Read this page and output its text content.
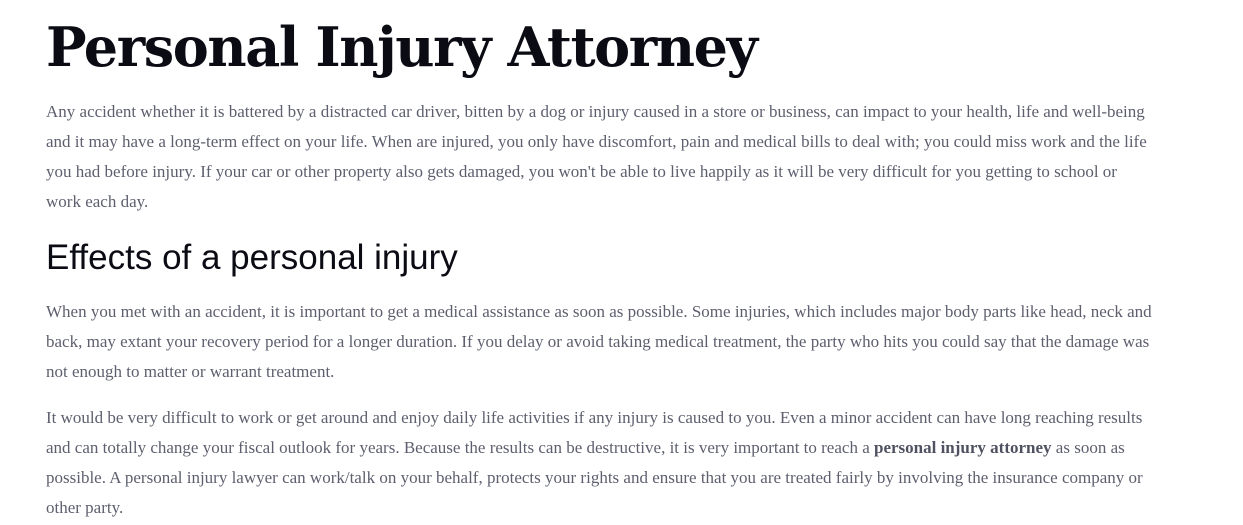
Personal Injury Attorney

Any accident whether it is battered by a distracted car driver, bitten by a dog or injury caused in a store or business, can impact to your health, life and well-being and it may have a long-term effect on your life. When are injured, you only have discomfort, pain and medical bills to deal with; you could miss work and the life you had before injury. If your car or other property also gets damaged, you won't be able to live happily as it will be very difficult for you getting to school or work each day.

Effects of a personal injury

When you met with an accident, it is important to get a medical assistance as soon as possible. Some injuries, which includes major body parts like head, neck and back, may extant your recovery period for a longer duration. If you delay or avoid taking medical treatment, the party who hits you could say that the damage was not enough to matter or warrant treatment.

It would be very difficult to work or get around and enjoy daily life activities if any injury is caused to you. Even a minor accident can have long reaching results and can totally change your fiscal outlook for years. Because the results can be destructive, it is very important to reach a personal injury attorney as soon as possible. A personal injury lawyer can work/talk on your behalf, protects your rights and ensure that you are treated fairly by involving the insurance company or other party.
